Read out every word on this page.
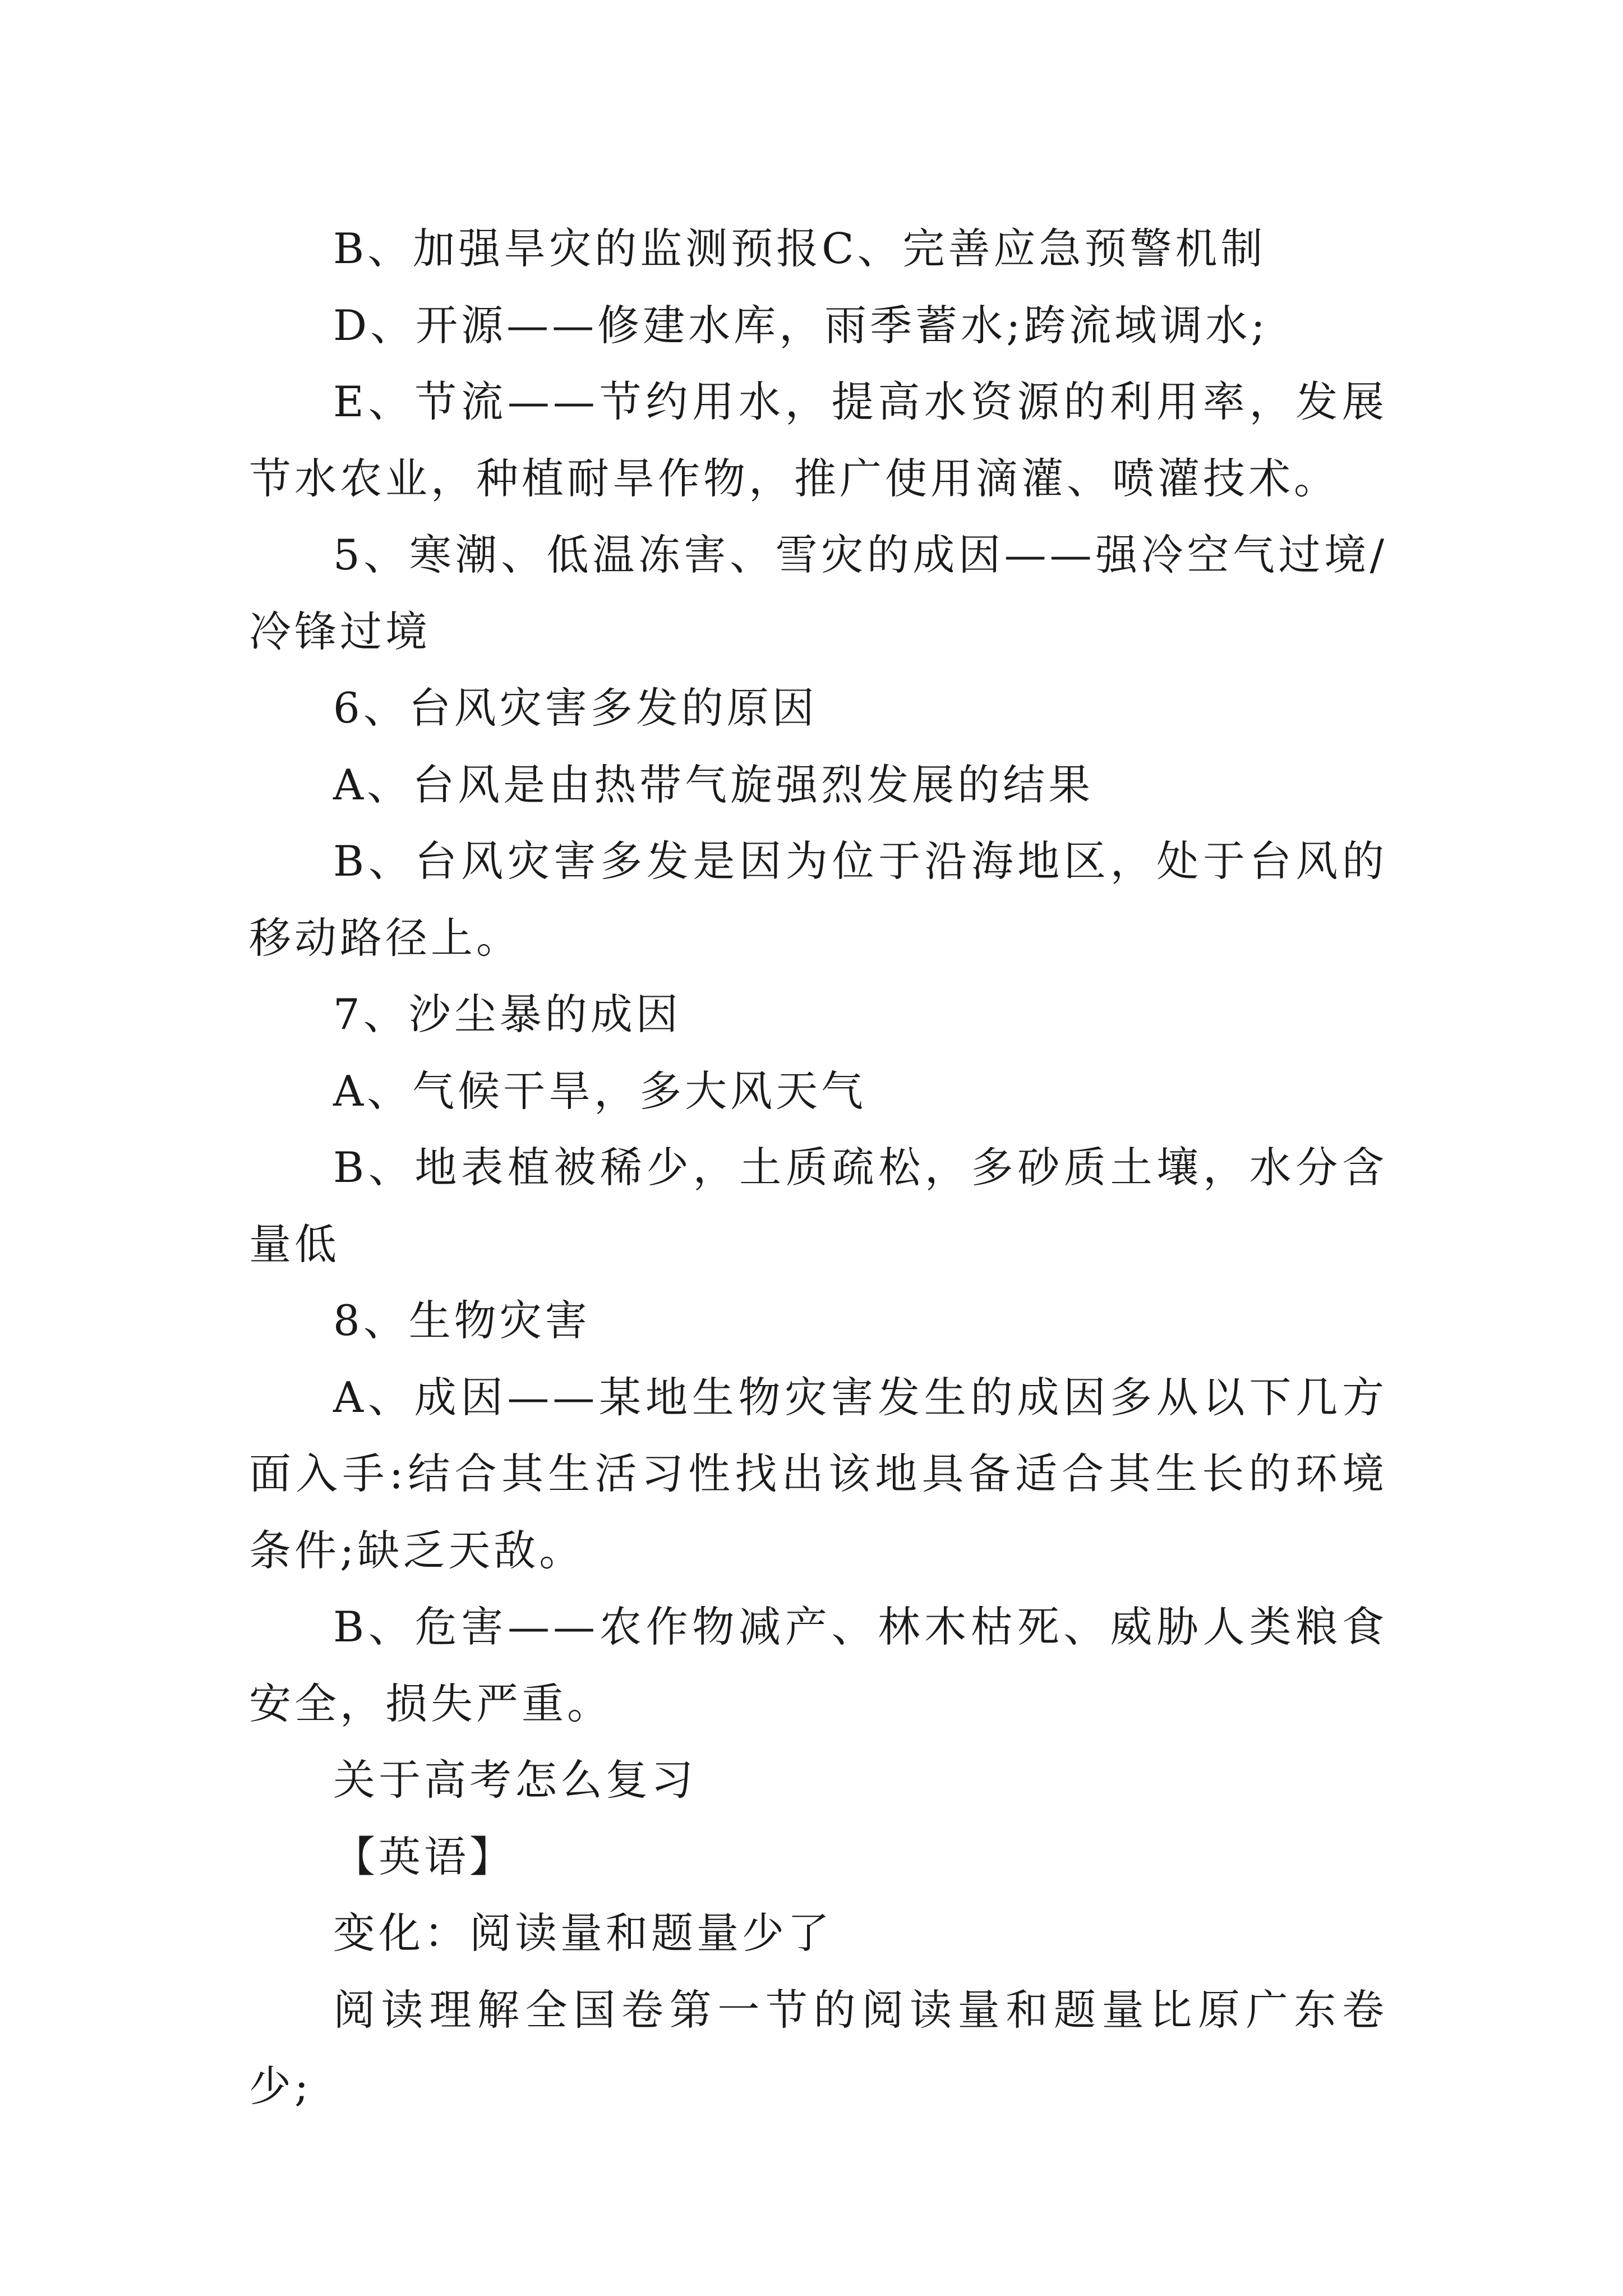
B、加强旱灾的监测预报C、完善应急预警机制

D、开源——修建水库，雨季蓄水;跨流域调水;

E、节流——节约用水，提高水资源的利用率，发展节水农业，种植耐旱作物，推广使用滴灌、喷灌技术。

5、寒潮、低温冻害、雪灾的成因——强冷空气过境/冷锋过境

6、台风灾害多发的原因

A、台风是由热带气旋强烈发展的结果

B、台风灾害多发是因为位于沿海地区，处于台风的移动路径上。

7、沙尘暴的成因

A、气候干旱，多大风天气

B、地表植被稀少，土质疏松，多砂质土壤，水分含量低

8、生物灾害

A、成因——某地生物灾害发生的成因多从以下几方面入手:结合其生活习性找出该地具备适合其生长的环境条件;缺乏天敌。

B、危害——农作物减产、林木枯死、威胁人类粮食安全，损失严重。

关于高考怎么复习

【英语】

变化：阅读量和题量少了

阅读理解全国卷第一节的阅读量和题量比原广东卷少;
